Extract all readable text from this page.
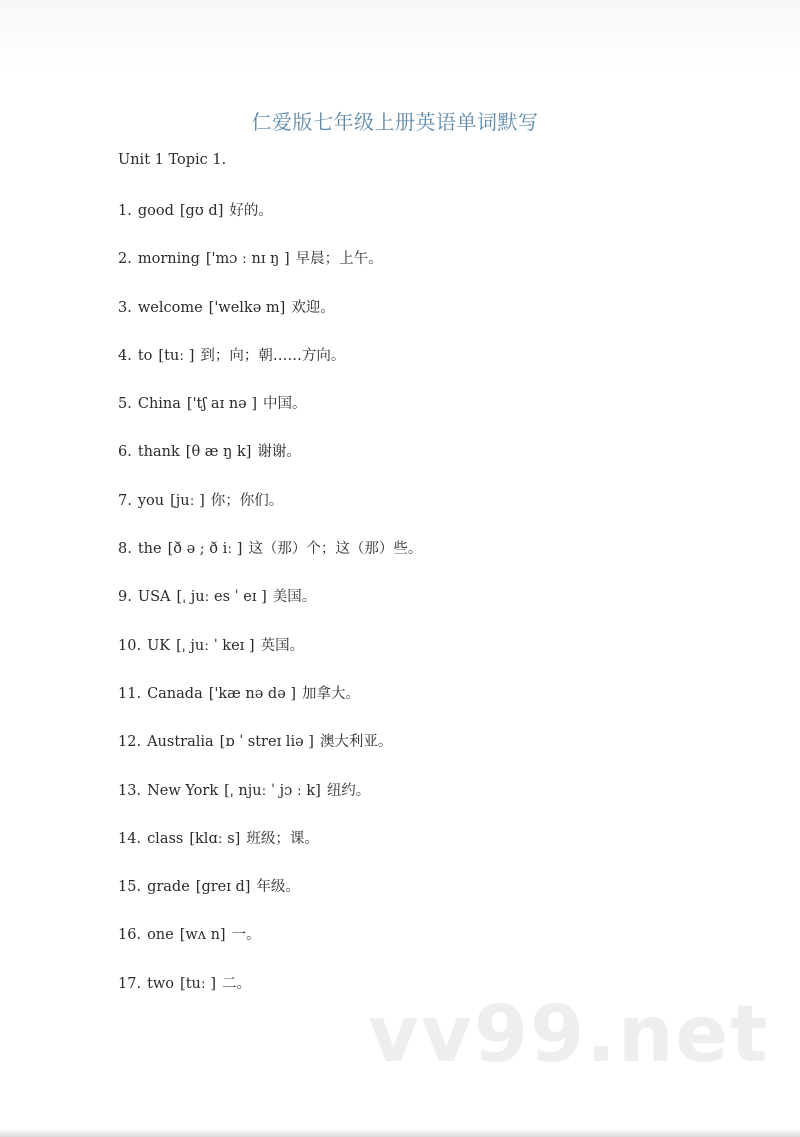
仁爱版七年级上册英语单词默写
Unit 1 Topic 1.
1. good [gʊ d] 好的。
2. morning ['mɔ ː nɪ ŋ ] 早晨；上午。
3. welcome ['welkə m] 欢迎。
4. to [tuː ] 到；向；朝……方向。
5. China ['tʃ aɪ nə ] 中国。
6. thank [θ æ ŋ k] 谢谢。
7. you [juː ] 你；你们。
8. the [ð ə ; ð iː ] 这（那）个；这（那）些。
9. USA [ˌ juː es ˈ eɪ ] 美国。
10. UK [ˌ juː ˈ keɪ ] 英国。
11. Canada ['kæ nə də ] 加拿大。
12. Australia [ɒ ˈ streɪ liə ] 澳大利亚。
13. New York [ˌ njuː ˈ jɔ ː k] 纽约。
14. class [klɑː s] 班级；课。
15. grade [greɪ d] 年级。
16. one [wʌ n] 一。
17. two [tuː ] 二。
vv99.net
